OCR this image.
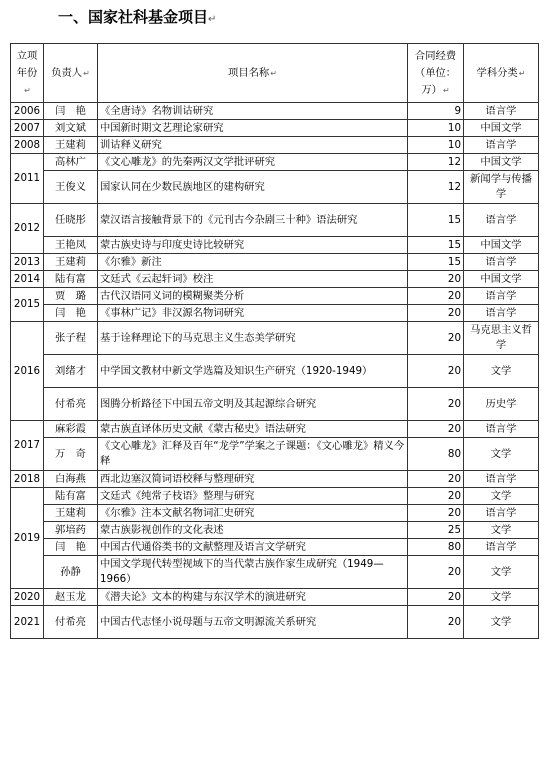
一、国家社科基金项目↵
立项年份↵	负责人↵	项目名称↵	合同经费（单位：万）↵	学科分类↵
2006	闫　艳	《全唐诗》名物训诂研究	9	语言学
2007	刘文斌	中国新时期文艺理论家研究	10	中国文学
2008	王建莉	训诂释义研究	10	语言学
2011	高林广	《文心雕龙》的先秦两汉文学批评研究	12	中国文学
	王俊义	国家认同在少数民族地区的建构研究	12	新闻学与传播学
2012	任晓彤	蒙汉语言接触背景下的《元刊古今杂剧三十种》语法研究	15	语言学
	王艳凤	蒙古族史诗与印度史诗比较研究	15	中国文学
2013	王建莉	《尔雅》新注	15	语言学
2014	陆有富	文廷式《云起轩词》校注	20	中国文学
2015	贾　璐	古代汉语同义词的模糊聚类分析	20	语言学
	闫　艳	《事林广记》非汉源名物词研究	20	语言学
2016	张子程	基于诠释理论下的马克思主义生态美学研究	20	马克思主义哲学
	刘绪才	中学国文教材中新文学选篇及知识生产研究（1920-1949）	20	文学
	付希亮	图腾分析路径下中国五帝文明及其起源综合研究	20	历史学
2017	麻彩霞	蒙古族直译体历史文献《蒙古秘史》语法研究	20	语言学
	万　奇	《文心雕龙》汇释及百年“龙学”学案之子课题：《文心雕龙》精义今释	80	文学
2018	白海燕	西北边塞汉简词语校释与整理研究	20	语言学
2019	陆有富	文廷式《纯常子枝语》整理与研究	20	文学
	王建莉	《尔雅》注本文献名物词汇史研究	20	语言学
	郭培药	蒙古族影视创作的文化表述	25	文学
	闫　艳	中国古代通俗类书的文献整理及语言文学研究	80	语言学
	孙静	中国文学现代转型视域下的当代蒙古族作家生成研究（1949—1966）	20	文学
2020	赵玉龙	《潜夫论》文本的构建与东汉学术的演进研究	20	文学
2021	付希亮	中国古代志怪小说母题与五帝文明源流关系研究	20	文学
